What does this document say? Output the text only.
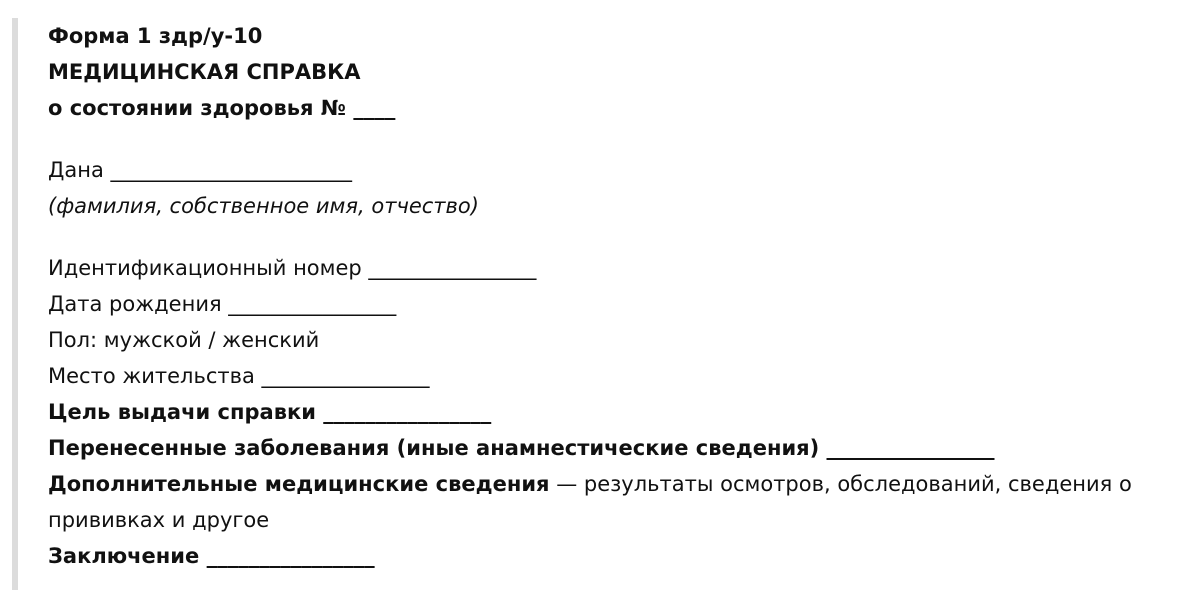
Форма 1 здр/у-10
МЕДИЦИНСКАЯ СПРАВКА
о состоянии здоровья № ____
Дана _______________________
(фамилия, собственное имя, отчество)
Идентификационный номер ________________
Дата рождения ________________
Пол: мужской / женский
Место жительства ________________
Цель выдачи справки ________________
Перенесенные заболевания (иные анамнестические сведения) ________________
Дополнительные медицинские сведения — результаты осмотров, обследований, сведения о прививках и другое
Заключение ________________
